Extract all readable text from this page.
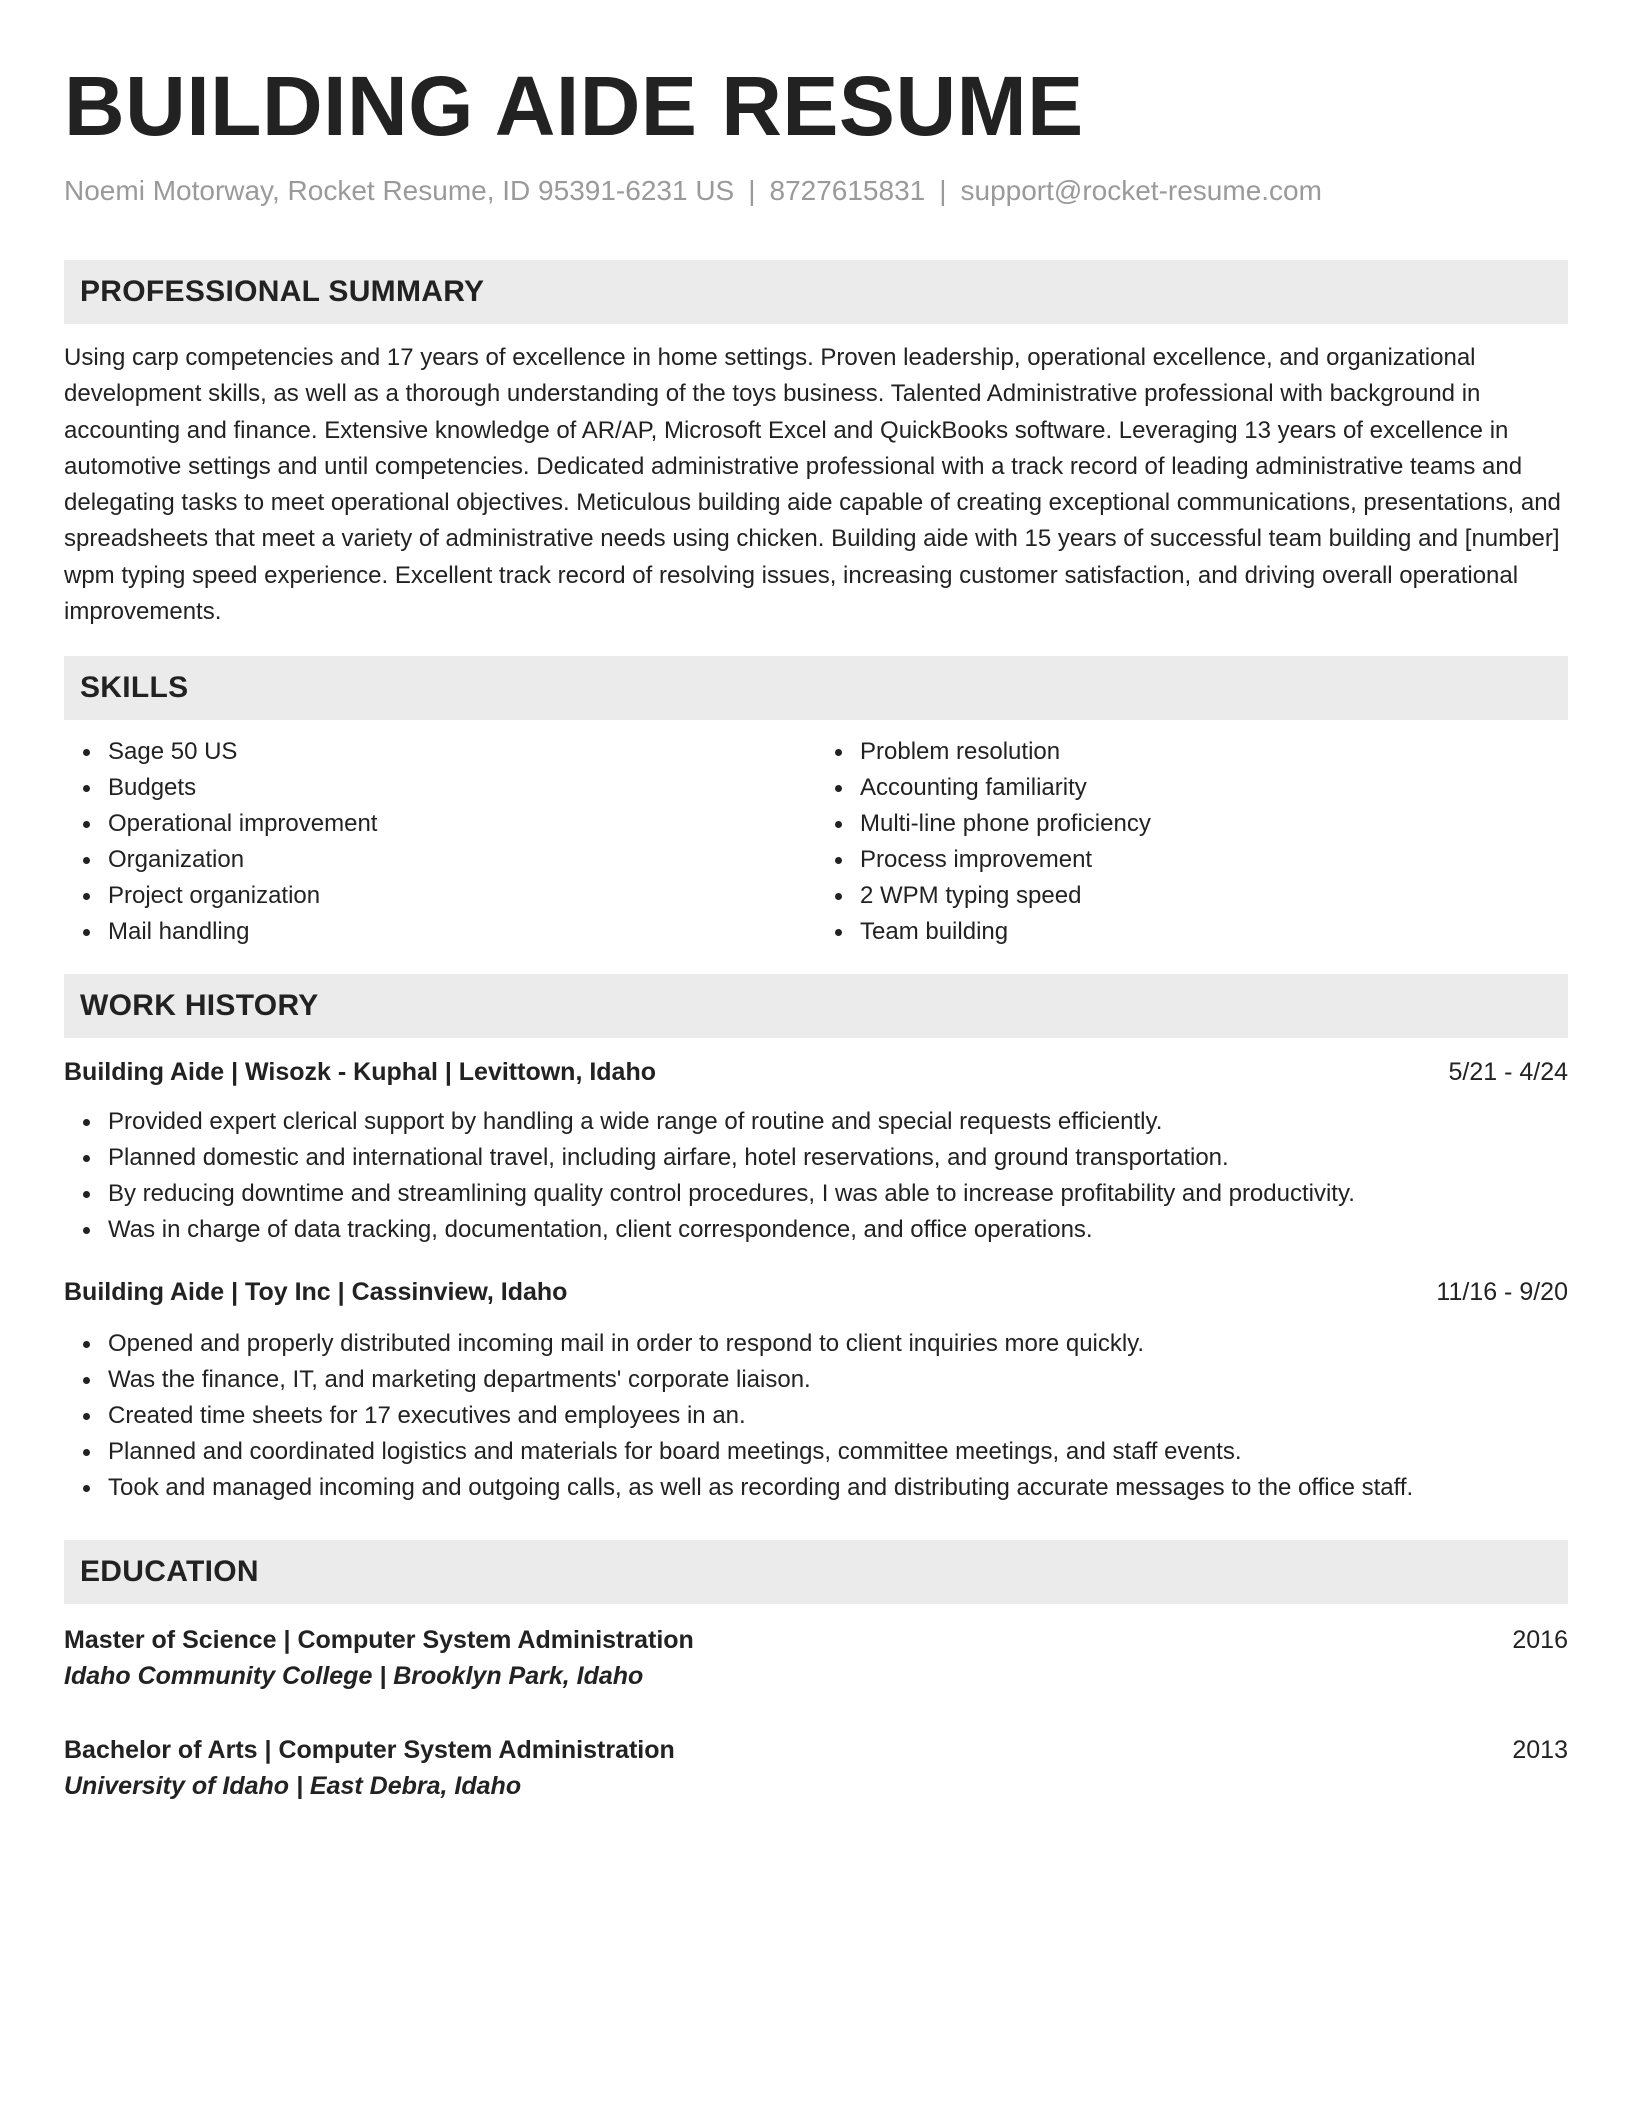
BUILDING AIDE RESUME
Noemi Motorway, Rocket Resume, ID 95391-6231 US | 8727615831 | support@rocket-resume.com
PROFESSIONAL SUMMARY

Using carp competencies and 17 years of excellence in home settings. Proven leadership, operational excellence, and organizational development skills, as well as a thorough understanding of the toys business. Talented Administrative professional with background in accounting and finance. Extensive knowledge of AR/AP, Microsoft Excel and QuickBooks software. Leveraging 13 years of excellence in automotive settings and until competencies. Dedicated administrative professional with a track record of leading administrative teams and delegating tasks to meet operational objectives. Meticulous building aide capable of creating exceptional communications, presentations, and spreadsheets that meet a variety of administrative needs using chicken. Building aide with 15 years of successful team building and [number] wpm typing speed experience. Excellent track record of resolving issues, increasing customer satisfaction, and driving overall operational improvements.

SKILLS
Sage 50 US
Budgets
Operational improvement
Organization
Project organization
Mail handling
Problem resolution
Accounting familiarity
Multi-line phone proficiency
Process improvement
2 WPM typing speed
Team building
WORK HISTORY
Building Aide | Wisozk - Kuphal | Levittown, Idaho	5/21 - 4/24
Provided expert clerical support by handling a wide range of routine and special requests efficiently.
Planned domestic and international travel, including airfare, hotel reservations, and ground transportation.
By reducing downtime and streamlining quality control procedures, I was able to increase profitability and productivity.
Was in charge of data tracking, documentation, client correspondence, and office operations.
Building Aide | Toy Inc | Cassinview, Idaho	11/16 - 9/20
Opened and properly distributed incoming mail in order to respond to client inquiries more quickly.
Was the finance, IT, and marketing departments' corporate liaison.
Created time sheets for 17 executives and employees in an.
Planned and coordinated logistics and materials for board meetings, committee meetings, and staff events.
Took and managed incoming and outgoing calls, as well as recording and distributing accurate messages to the office staff.
EDUCATION
Master of Science | Computer System Administration	2016
Idaho Community College | Brooklyn Park, Idaho
Bachelor of Arts | Computer System Administration	2013
University of Idaho | East Debra, Idaho
